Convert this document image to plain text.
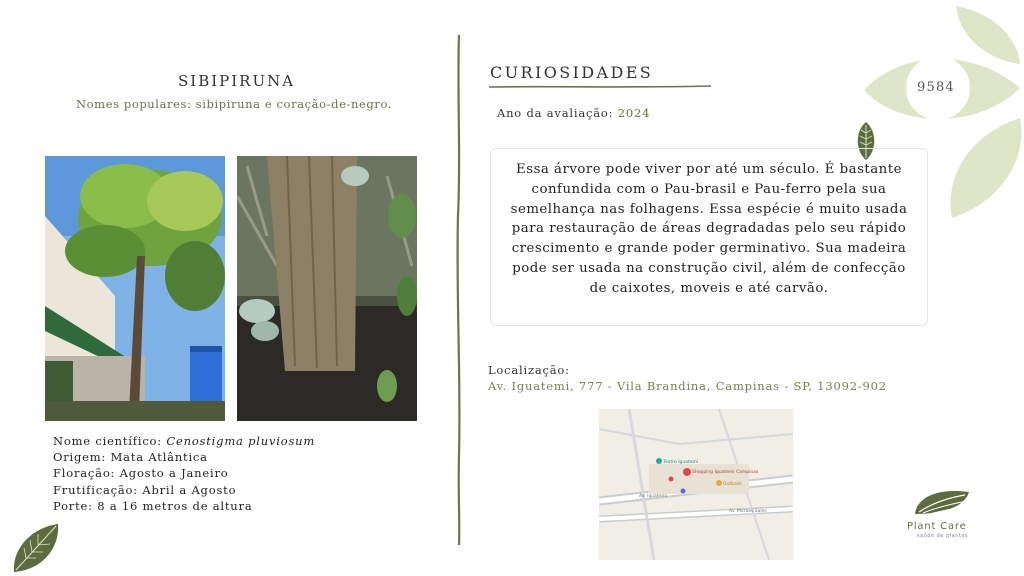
9584
SIBIPIRUNA
Nomes populares: sibipiruna e coração-de-negro.
Nome científico: Cenostigma pluviosum
Origem: Mata Atlântica
Floração: Agosto a Janeiro
Frutificação: Abril a Agosto
Porte: 8 a 16 metros de altura
CURIOSIDADES
Ano da avaliação: 2024
Essa árvore pode viver por até um século. É bastante confundida com o Pau-brasil e Pau-ferro pela sua semelhança nas folhagens. Essa espécie é muito usada para restauração de áreas degradadas pelo seu rápido crescimento e grande poder germinativo. Sua madeira pode ser usada na construção civil, além de confecção de caixotes, moveis e até carvão.
Localização:
Av. Iguatemi, 777 - Vila Brandina, Campinas - SP, 13092-902
Teatro Iguatemi
Shopping Iguatemi Campinas
Outback
Av. Iguatemi
Av. Moraes Sales
Plant Care
saúde de plantas
